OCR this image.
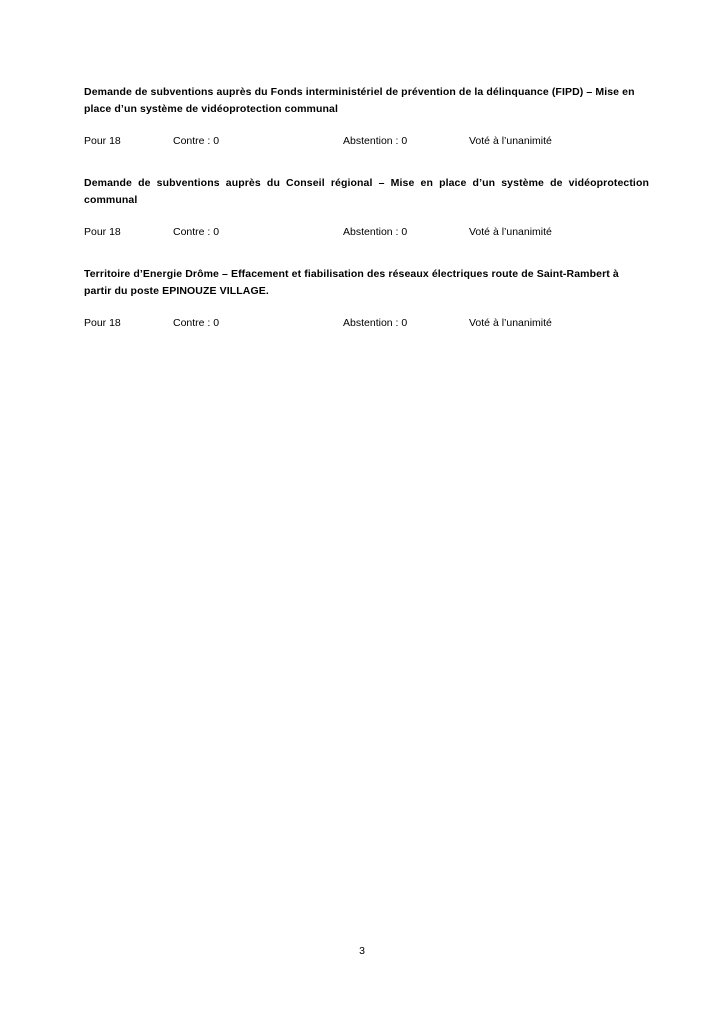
Demande de subventions auprès du Fonds interministériel de prévention de la délinquance (FIPD) – Mise en place d’un système de vidéoprotection communal

Pour 18	Contre : 0	Abstention : 0	Voté à l’unanimité

Demande de subventions auprès du Conseil régional – Mise en place d’un système de vidéoprotection communal

Pour 18	Contre : 0	Abstention : 0	Voté à l’unanimité

Territoire d’Energie Drôme – Effacement et fiabilisation des réseaux électriques route de Saint-Rambert à partir du poste EPINOUZE VILLAGE.

Pour 18	Contre : 0	Abstention : 0	Voté à l’unanimité
3
